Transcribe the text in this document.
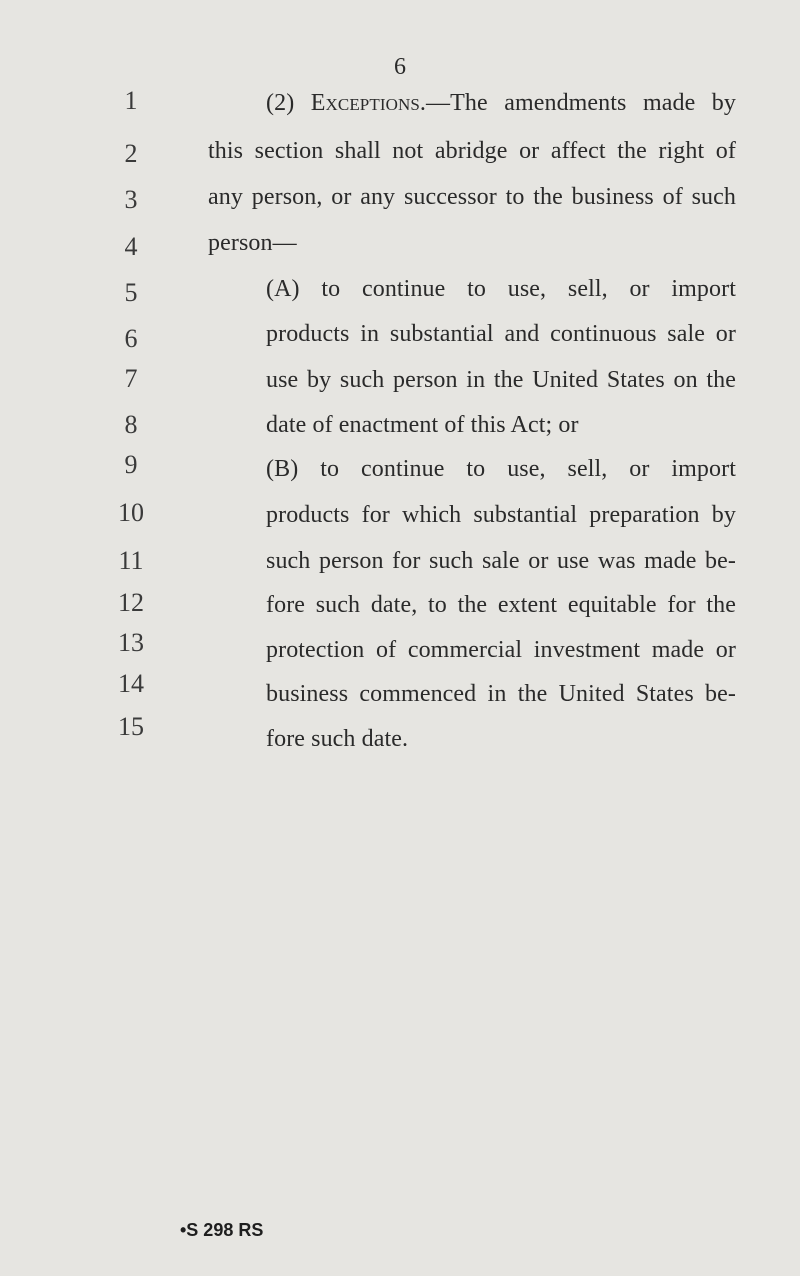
6
1
2
3
4
5
6
7
8
9
10
11
12
13
14
15
(2) Exceptions.—The amendments made by
this section shall not abridge or affect the right of
any person, or any successor to the business of such
person—
(A) to continue to use, sell, or import
products in substantial and continuous sale or
use by such person in the United States on the
date of enactment of this Act; or
(B) to continue to use, sell, or import
products for which substantial preparation by
such person for such sale or use was made be-
fore such date, to the extent equitable for the
protection of commercial investment made or
business commenced in the United States be-
fore such date.
•S 298 RS
